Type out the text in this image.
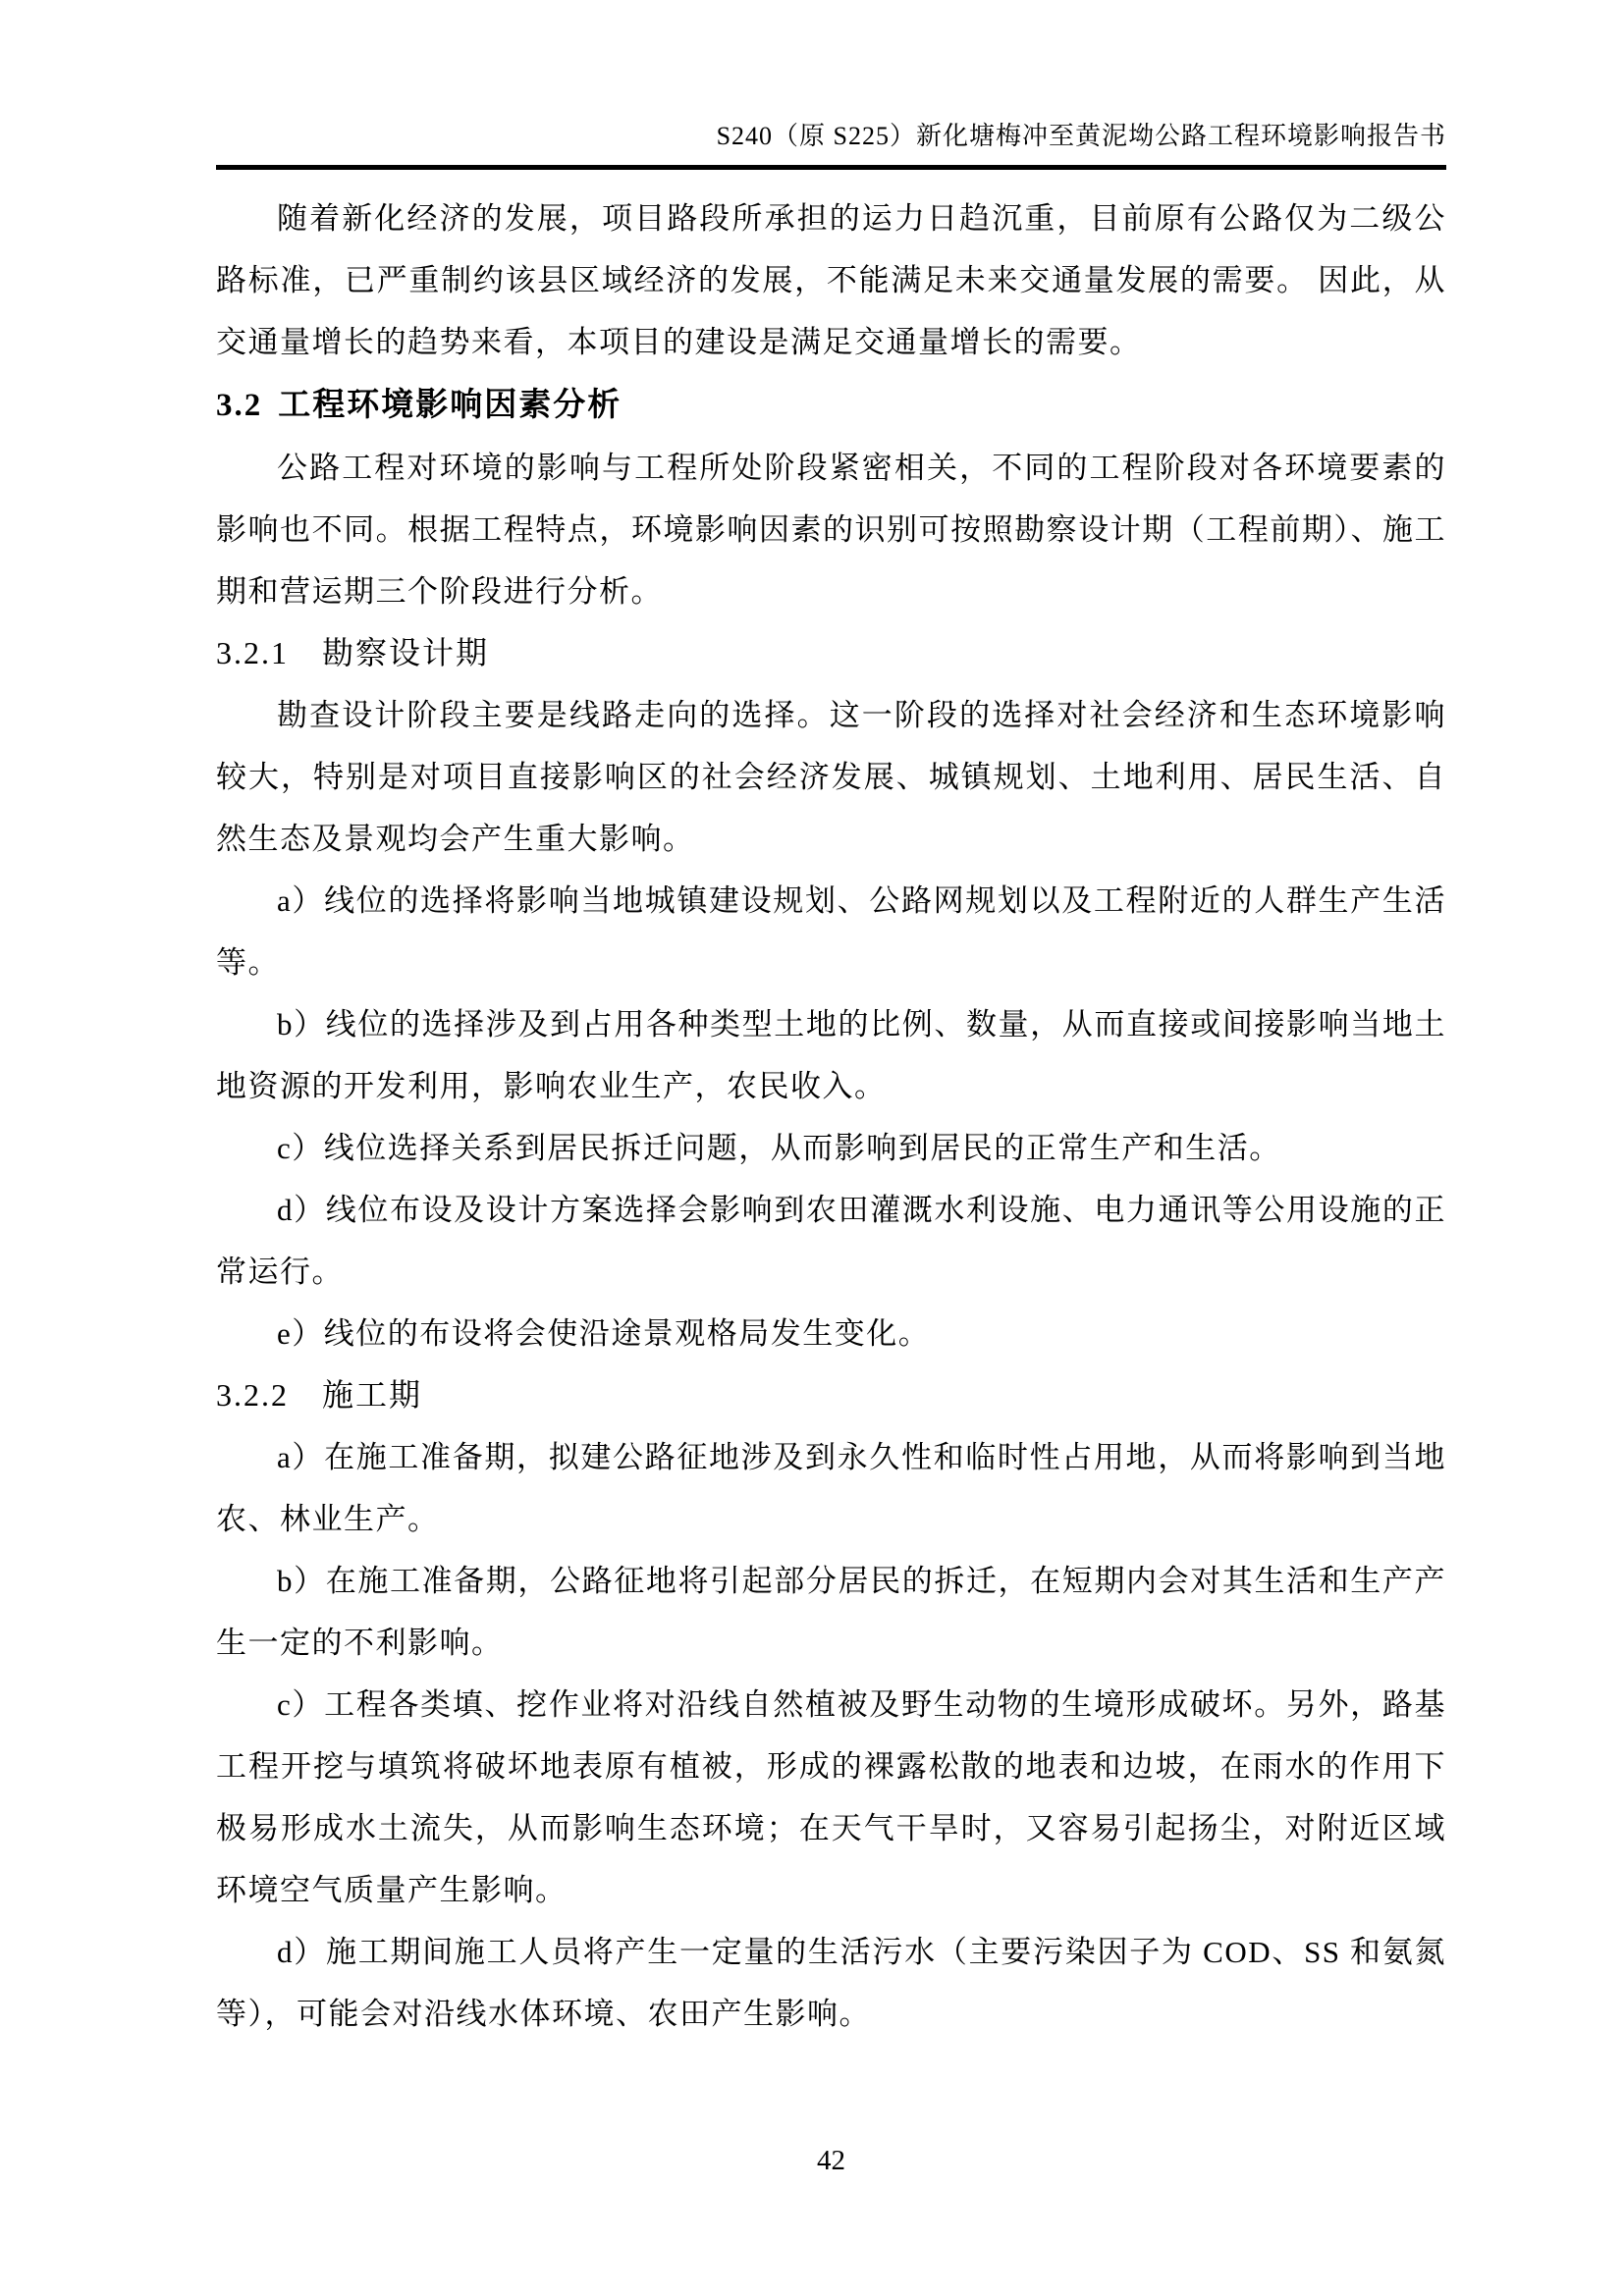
S240（原 S225）新化塘梅冲至黄泥坳公路工程环境影响报告书

随着新化经济的发展，项目路段所承担的运力日趋沉重，目前原有公路仅为二级公路标准，已严重制约该县区域经济的发展，不能满足未来交通量发展的需要。 因此，从交通量增长的趋势来看，本项目的建设是满足交通量增长的需要。

3.2 工程环境影响因素分析

公路工程对环境的影响与工程所处阶段紧密相关，不同的工程阶段对各环境要素的影响也不同。根据工程特点，环境影响因素的识别可按照勘察设计期（工程前期）、施工期和营运期三个阶段进行分析。

3.2.1 勘察设计期

勘查设计阶段主要是线路走向的选择。这一阶段的选择对社会经济和生态环境影响较大，特别是对项目直接影响区的社会经济发展、城镇规划、土地利用、居民生活、自然生态及景观均会产生重大影响。

a）线位的选择将影响当地城镇建设规划、公路网规划以及工程附近的人群生产生活等。

b）线位的选择涉及到占用各种类型土地的比例、数量，从而直接或间接影响当地土地资源的开发利用，影响农业生产，农民收入。

c）线位选择关系到居民拆迁问题，从而影响到居民的正常生产和生活。

d）线位布设及设计方案选择会影响到农田灌溉水利设施、电力通讯等公用设施的正常运行。

e）线位的布设将会使沿途景观格局发生变化。

3.2.2 施工期

a）在施工准备期，拟建公路征地涉及到永久性和临时性占用地，从而将影响到当地农、林业生产。

b）在施工准备期，公路征地将引起部分居民的拆迁，在短期内会对其生活和生产产生一定的不利影响。

c）工程各类填、挖作业将对沿线自然植被及野生动物的生境形成破坏。另外，路基工程开挖与填筑将破坏地表原有植被，形成的裸露松散的地表和边坡，在雨水的作用下极易形成水土流失，从而影响生态环境；在天气干旱时，又容易引起扬尘，对附近区域环境空气质量产生影响。

d）施工期间施工人员将产生一定量的生活污水（主要污染因子为 COD、SS 和氨氮等），可能会对沿线水体环境、农田产生影响。

42
